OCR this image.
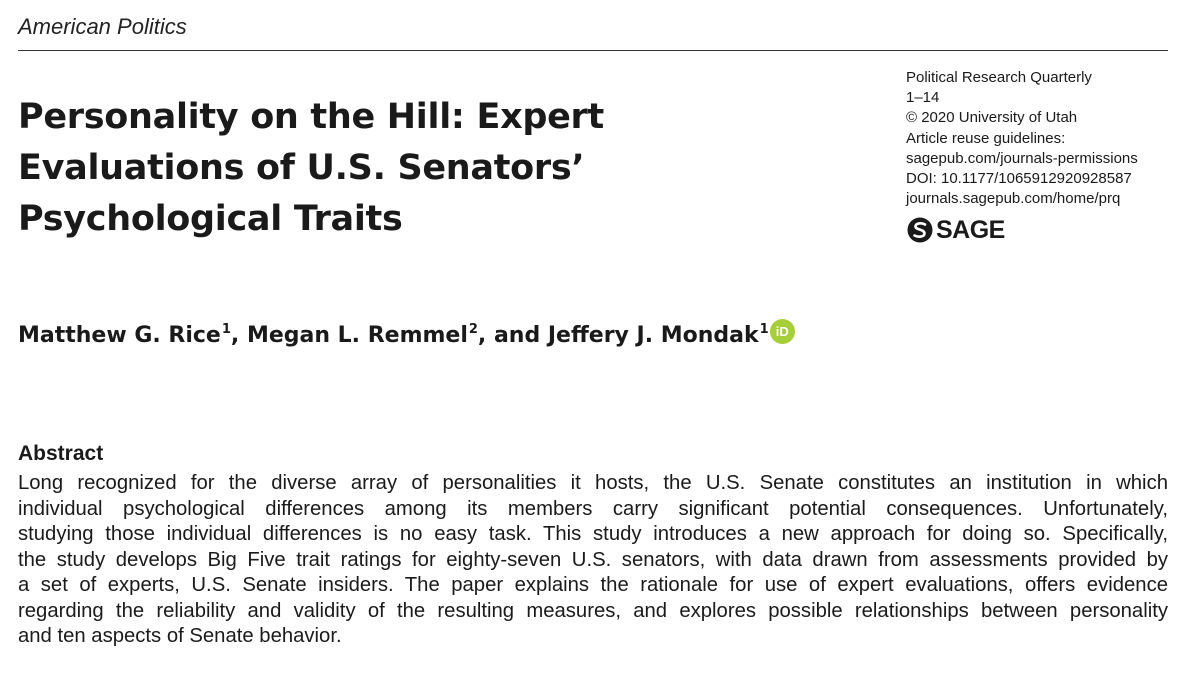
American Politics
Personality on the Hill: Expert
Evaluations of U.S. Senators’
Psychological Traits
Political Research Quarterly
1–14
© 2020 University of Utah
Article reuse guidelines:
sagepub.com/journals-permissions
DOI: 10.1177/1065912920928587
journals.sagepub.com/home/prq
SAGE
Matthew G. Rice$^1$, Megan L. Remmel$^2$, and Jeffery J. Mondak$^1$ iD
Abstract
Long recognized for the diverse array of personalities it hosts, the U.S. Senate constitutes an institution in which
individual psychological differences among its members carry significant potential consequences. Unfortunately,
studying those individual differences is no easy task. This study introduces a new approach for doing so. Specifically,
the study develops Big Five trait ratings for eighty-seven U.S. senators, with data drawn from assessments provided by
a set of experts, U.S. Senate insiders. The paper explains the rationale for use of expert evaluations, offers evidence
regarding the reliability and validity of the resulting measures, and explores possible relationships between personality
and ten aspects of Senate behavior.
